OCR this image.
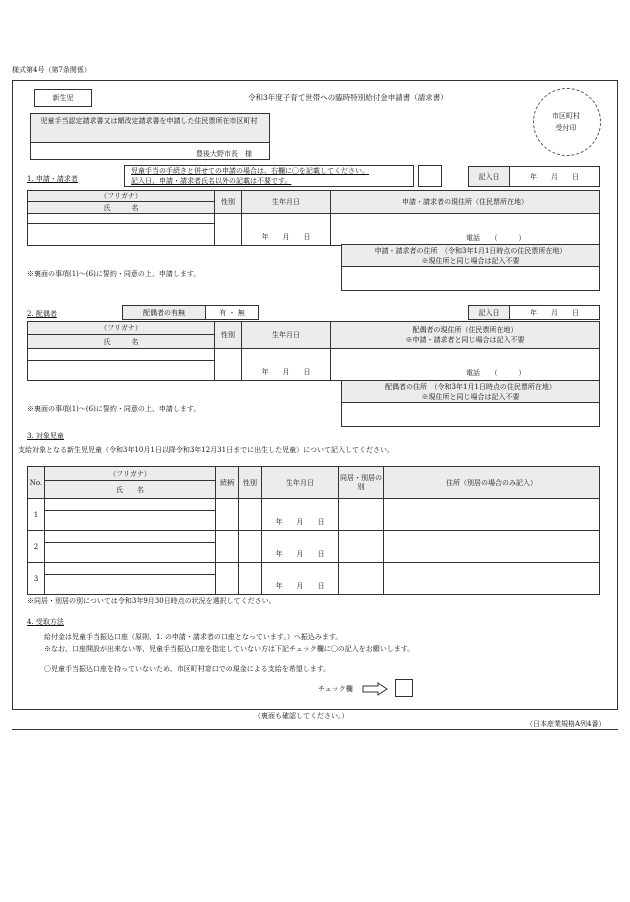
様式第4号（第7条関係）
新生児	令和3年度子育て世帯への臨時特別給付金申請書（請求書）
市区町村
受付印
児童手当認定請求書又は額改定請求書を申請した住民票所在市区町村
豊後大野市長　様
1. 申請・請求者
児童手当の手続きと併せての申請の場合は、右欄に〇を記載してください。
記入日、申請・請求者氏名以外の記載は不要です。
記入日	年　　月　　日
（フリガナ）	性別	生年月日	申請・請求者の現住所（住民票所在地）
氏　　　名			
		年　　月　　日	電話　　（　　　）

申請・請求者の住所　（令和3年1月1日時点の住民票所在地）
※現住所と同じ場合は記入不要

※裏面の事項(1)～(6)に誓約・同意の上、申請します。
2. 配偶者	配偶者の有無	有 ・ 無	記入日	年　　月　　日
（フリガナ）	性別	生年月日	配偶者の現住所（住民票所在地）
※申請・請求者と同じ場合は記入不要
氏　　　名			
		年　　月　　日	電話　　（　　　）

配偶者の住所　（令和3年1月1日時点の住民票所在地）
※現住所と同じ場合は記入不要

※裏面の事項(1)～(6)に誓約・同意の上、申請します。
3. 対象児童
支給対象となる新生児児童（令和3年10月1日以降令和3年12月31日までに出生した児童）について記入してください。
No.	（フリガナ）	続柄	性別	生年月日	同居・別居の別	住所（別居の場合のみ記入）
	氏　　名					
1				年　　月　　日		

2				年　　月　　日		

3				年　　月　　日		

※同居・別居の別については令和3年9月30日時点の状況を選択してください。
4. 受取方法
給付金は児童手当振込口座（原則、1. の申請・請求者の口座となっています。）へ振込みます。
※なお、口座開設が出来ない等、児童手当振込口座を指定していない方は下記チェック欄に〇の記入をお願いします。
〇児童手当振込口座を持っていないため、市区町村窓口での現金による支給を希望します。
チェック欄
（裏面も確認してください。）
（日本産業規格A列4番）
